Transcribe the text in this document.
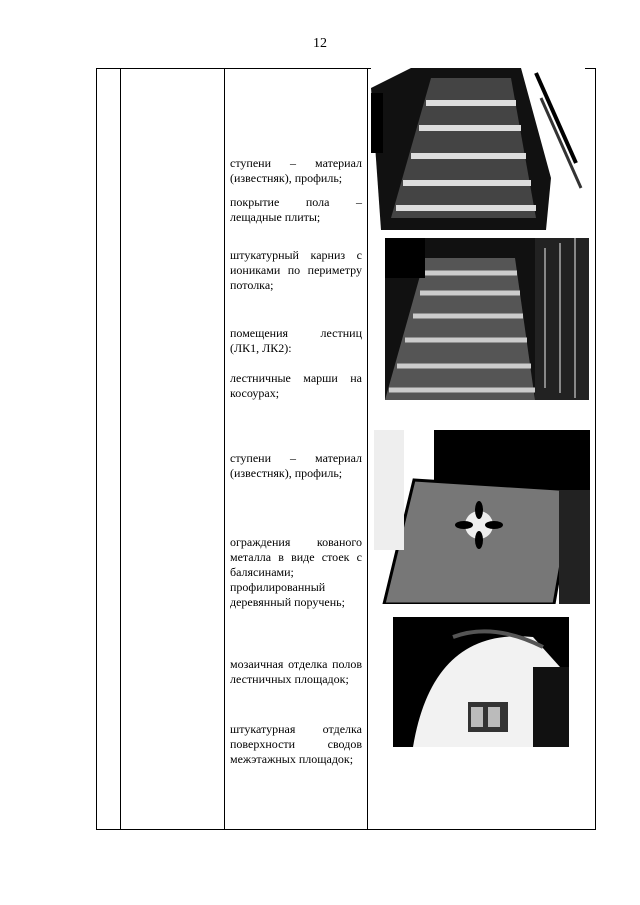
12
ступени – материал (известняк), профиль;
покрытие пола – лещадные плиты;
штукатурный карниз с иониками по периметру потолка;
помещения лестниц (ЛК1, ЛК2):
лестничные марши на косоурах;
ступени – материал (известняк), профиль;
ограждения кованого металла в виде стоек с балясинами; профилированный деревянный поручень;
мозаичная отделка полов лестничных площадок;
штукатурная отделка поверхности сводов межэтажных площадок;
